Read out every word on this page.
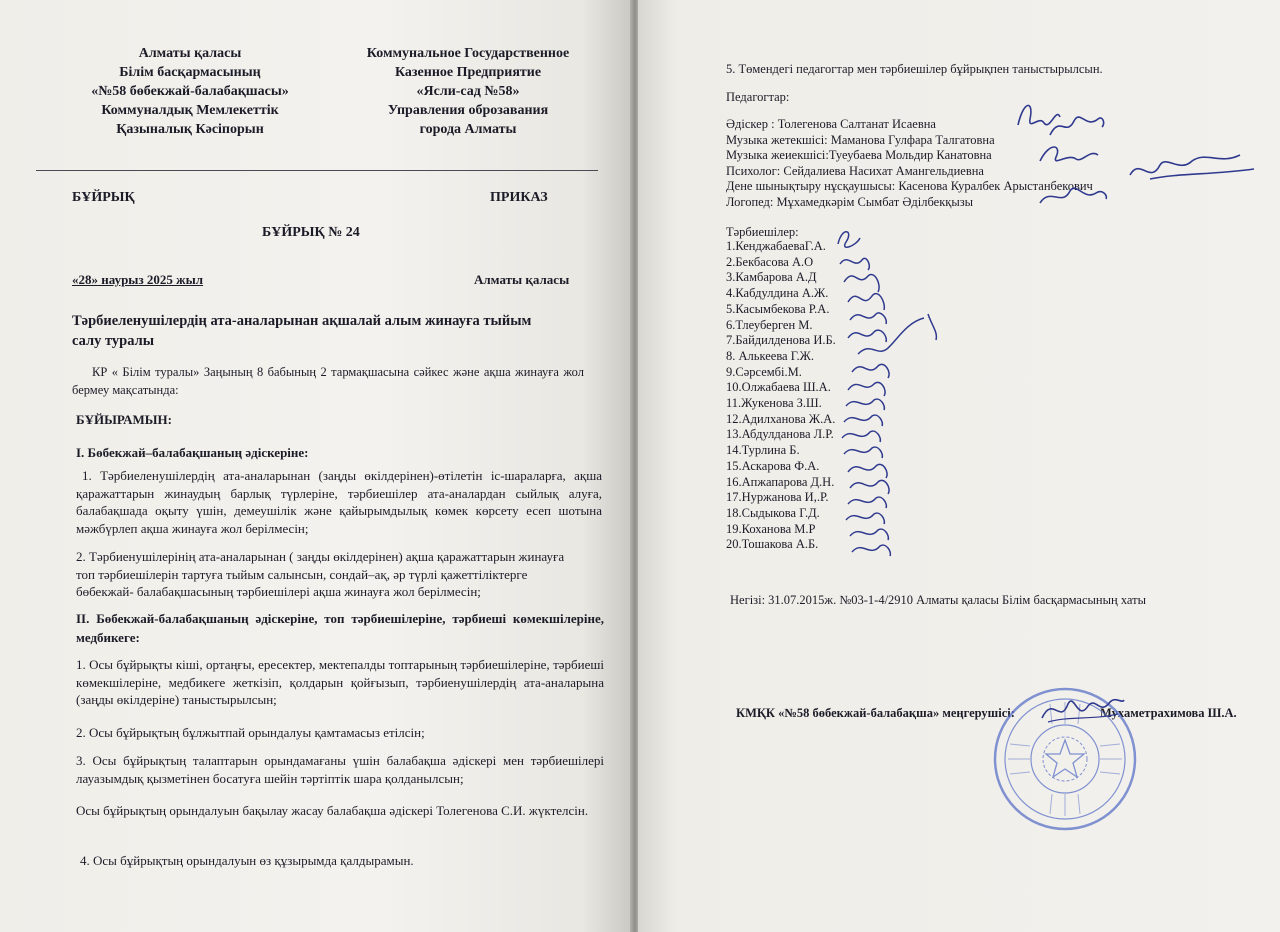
Алматы қаласы
Білім басқармасының
«№58 бөбекжай-балабақшасы»
Коммуналдық Мемлекеттік
Қазыналық Кәсіпорын
Коммунальное Государственное
Казенное Предприятие
«Ясли-сад №58»
Управления оброзавания
города Алматы
БҰЙРЫҚ	ПРИКАЗ
БҰЙРЫҚ № 24
«28» наурыз 2025 жыл	Алматы қаласы
Тәрбиеленушілердің ата-аналарынан ақшалай алым жинауға тыйым
салу туралы
КР « Білім туралы» Заңының 8 бабының 2 тармақшасына сәйкес және ақша жинауға жол бермеу мақсатында:
БҰЙЫРАМЫН:
І. Бөбекжай–балабақшаның әдіскеріне:
1. Тәрбиеленушілердің ата-аналарынан (заңды өкілдерінен)-өтілетін іс-шараларға, ақша қаражаттарын жинаудың барлық түрлеріне, тәрбиешілер ата-аналардан сыйлық алуға, балабақшада оқыту үшін, демеушілік және қайырымдылық көмек көрсету есеп шотына мәжбүрлеп ақша жинауға жол берілмесін;
2. Тәрбиенушілерінің ата-аналарынан ( заңды өкілдерінен) ақша қаражаттарын жинауға топ тәрбиешілерін тартуға тыйым салынсын, сондай–ақ, әр түрлі қажеттіліктерге бөбекжай- балабақшасының тәрбиешілері ақша жинауға жол берілмесін;
ІІ. Бөбекжай-балабақшаның әдіскеріне, топ тәрбиешілеріне, тәрбиеші көмекшілеріне, медбикеге:
1. Осы бұйрықты кіші, ортаңғы, ересектер, мектепалды топтарының тәрбиешілеріне, тәрбиеші көмекшілеріне, медбикеге жеткізіп, қолдарын қойғызып, тәрбиенушілердің ата-аналарына (заңды өкілдеріне) таныстырылсын;
2. Осы бұйрықтың бұлжытпай орындалуы қамтамасыз етілсін;
3. Осы бұйрықтың талаптарын орындамағаны үшін балабақша әдіскері мен тәрбиешілері лауазымдық қызметінен босатуға шейін тәртіптік шара қолданылсын;
Осы бұйрықтың орындалуын бақылау жасау балабақша әдіскері Толегенова С.И. жүктелсін.
4. Осы бұйрықтың орындалуын өз құзырымда қалдырамын.
5. Төмендегі педагогтар мен тәрбиешілер бұйрықпен таныстырылсын.
Педагогтар:
Әдіскер : Толегенова Салтанат Исаевна
Музыка жетекшісі: Маманова Гулфара Талгатовна
Музыка жеиекшісі:Туеубаева Мольдир Канатовна
Психолог: Сейдалиева Насихат Амангельдиевна
Дене шынықтыру нұсқаушысы: Касенова Куралбек Арыстанбекович
Логопед: Мұхамедкәрім Сымбат Әділбекқызы
Тәрбиешілер:
1.КенджабаеваГ.А.
2.Бекбасова А.О
3.Камбарова А.Д
4.Кабдулдина А.Ж.
5.Касымбекова Р.А.
6.Тлеуберген М.
7.Байдилденова И.Б.
8. Алькеева Г.Ж.
9.Сәрсембі.М.
10.Олжабаева Ш.А.
11.Жукенова З.Ш.
12.Адилханова Ж.А.
13.Абдулданова Л.Р.
14.Турлина Б.
15.Аскарова Ф.А.
16.Апжапарова Д.Н.
17.Нуржанова И,.Р.
18.Сыдыкова Г.Д.
19.Коханова М.Р
20.Тошакова А.Б.
Негізі: 31.07.2015ж. №03-1-4/2910 Алматы қаласы Білім басқармасының хаты
КМҚК «№58 бөбекжай-балабақша» меңгерушісі:	Мухаметрахимова Ш.А.
